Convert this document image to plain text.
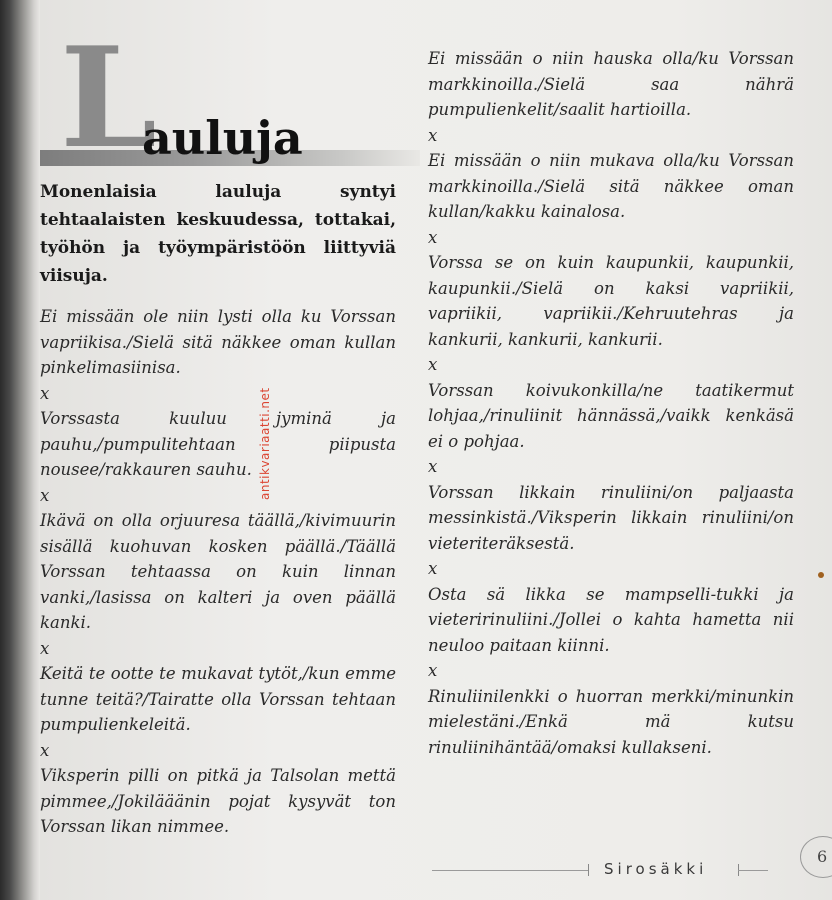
L
auluja
Monenlaisia lauluja syntyi tehtaalaisten keskuudessa, tottakai, työhön ja työympäristöön liittyviä viisuja.

Ei missään ole niin lysti olla ku Vorssan vapriikisa./Sielä sitä näkkee oman kullan pinkelimasiinisa.

x

Vorssasta kuuluu jyminä ja pauhu,/pumpulitehtaan piipusta nousee/rakkauren sauhu.

x

Ikävä on olla orjuuresa täällä,/kivimuurin sisällä kuohuvan kosken päällä./Täällä Vorssan tehtaassa on kuin linnan vanki,/lasissa on kalteri ja oven päällä kanki.

x

Keitä te ootte te mukavat tytöt,/kun emme tunne teitä?/Tairatte olla Vorssan tehtaan pumpulienkeleitä.

x

Viksperin pilli on pitkä ja Talsolan mettä pimmee,/Jokilääänin pojat kysyvät ton Vorssan likan nimmee.

Ei missään o niin hauska olla/ku Vorssan markkinoilla./Sielä saa nährä pumpulienkelit/saalit hartioilla.

x

Ei missään o niin mukava olla/ku Vorssan markkinoilla./Sielä sitä näkkee oman kullan/kakku kainalosa.

x

Vorssa se on kuin kaupunkii, kaupunkii, kaupunkii./Sielä on kaksi vapriikii, vapriikii, vapriikii./Kehruutehras ja kankurii, kankurii, kankurii.

x

Vorssan koivukonkilla/ne taatikermut lohjaa,/rinuliinit hännässä,/vaikk kenkäsä ei o pohjaa.

x

Vorssan likkain rinuliini/on paljaasta messinkistä./Viksperin likkain rinuliini/on vieteriteräksestä.

x

Osta sä likka se mampselli-tukki ja vieteririnuliini./Jollei o kahta hametta nii neuloo paitaan kiinni.

x

Rinuliinilenkki o huorran merkki/minunkin mielestäni./Enkä mä kutsu rinuliinihäntää/omaksi kullakseni.

antikvariaatti.net
Sirosäkki
6
